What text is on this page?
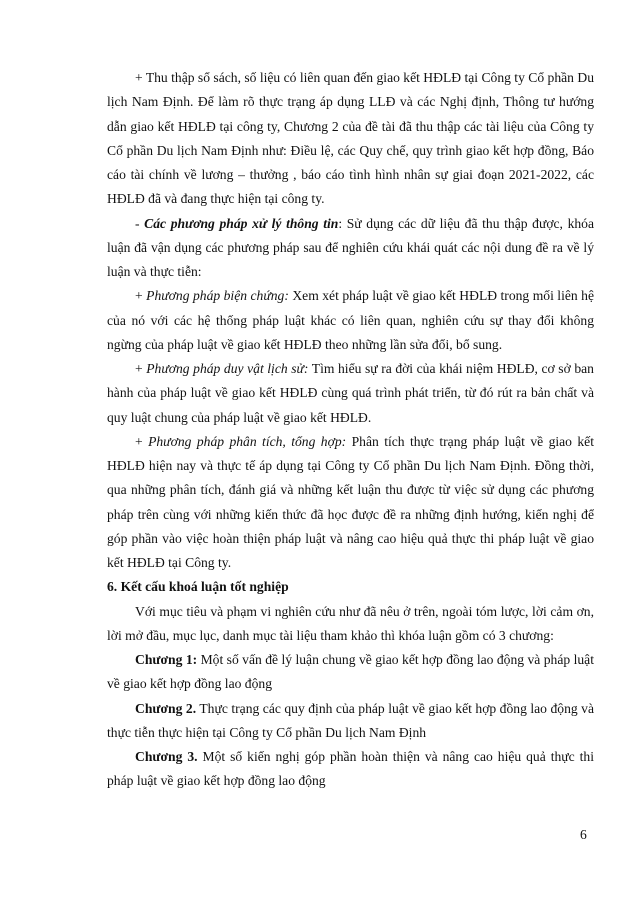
+ Thu thập sổ sách, số liệu có liên quan đến giao kết HĐLĐ tại Công ty Cổ phần Du lịch Nam Định. Để làm rõ thực trạng áp dụng LLĐ và các Nghị định, Thông tư hướng dẫn giao kết HĐLĐ tại công ty, Chương 2 của đề tài đã thu thập các tài liệu của Công ty Cổ phần Du lịch Nam Định như: Điều lệ, các Quy chế, quy trình giao kết hợp đồng, Báo cáo tài chính về lương – thưởng , báo cáo tình hình nhân sự giai đoạn 2021-2022, các HĐLĐ đã và đang thực hiện tại công ty.

- Các phương pháp xử lý thông tin: Sử dụng các dữ liệu đã thu thập được, khóa luận đã vận dụng các phương pháp sau để nghiên cứu khái quát các nội dung đề ra về lý luận và thực tiễn:

+ Phương pháp biện chứng: Xem xét pháp luật về giao kết HĐLĐ trong mối liên hệ của nó với các hệ thống pháp luật khác có liên quan, nghiên cứu sự thay đổi không ngừng của pháp luật về giao kết HĐLĐ theo những lần sửa đổi, bổ sung.

+ Phương pháp duy vật lịch sử: Tìm hiểu sự ra đời của khái niệm HĐLĐ, cơ sở ban hành của pháp luật về giao kết HĐLĐ cùng quá trình phát triển, từ đó rút ra bản chất và quy luật chung của pháp luật về giao kết HĐLĐ.

+ Phương pháp phân tích, tổng hợp: Phân tích thực trạng pháp luật về giao kết HĐLĐ hiện nay và thực tế áp dụng tại Công ty Cổ phần Du lịch Nam Định. Đồng thời, qua những phân tích, đánh giá và những kết luận thu được từ việc sử dụng các phương pháp trên cùng với những kiến thức đã học được đề ra những định hướng, kiến nghị để góp phần vào việc hoàn thiện pháp luật và nâng cao hiệu quả thực thi pháp luật về giao kết HĐLĐ tại Công ty.

6. Kết cấu khoá luận tốt nghiệp

Với mục tiêu và phạm vi nghiên cứu như đã nêu ở trên, ngoài tóm lược, lời cảm ơn, lời mở đầu, mục lục, danh mục tài liệu tham khảo thì khóa luận gồm có 3 chương:

Chương 1: Một số vấn đề lý luận chung về giao kết hợp đồng lao động và pháp luật về giao kết hợp đồng lao động

Chương 2. Thực trạng các quy định của pháp luật về giao kết hợp đồng lao động và thực tiễn thực hiện tại Công ty Cổ phần Du lịch Nam Định

Chương 3. Một số kiến nghị góp phần hoàn thiện và nâng cao hiệu quả thực thi pháp luật về giao kết hợp đồng lao động

6
